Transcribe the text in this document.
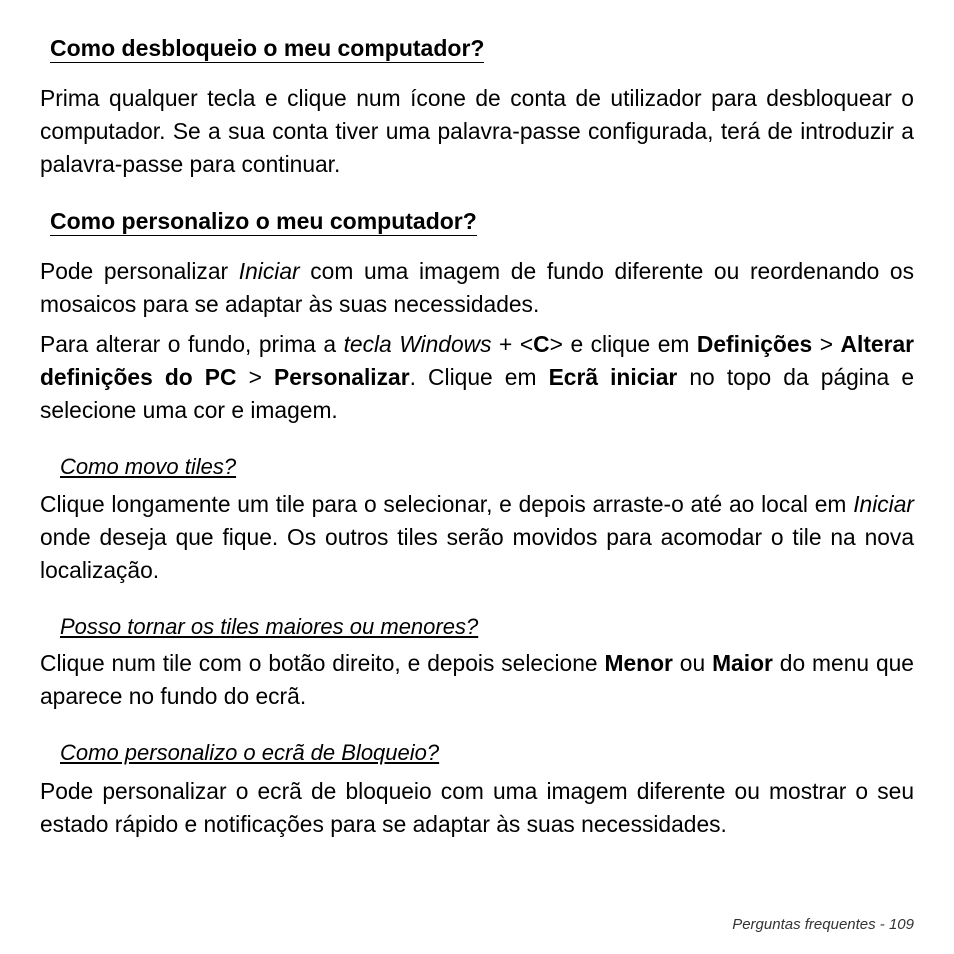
Como desbloqueio o meu computador?
Prima qualquer tecla e clique num ícone de conta de utilizador para desbloquear o computador. Se a sua conta tiver uma palavra-passe configurada, terá de introduzir a palavra-passe para continuar.
Como personalizo o meu computador?
Pode personalizar Iniciar com uma imagem de fundo diferente ou reordenando os mosaicos para se adaptar às suas necessidades.
Para alterar o fundo, prima a tecla Windows + <C> e clique em Definições > Alterar definições do PC > Personalizar. Clique em Ecrã iniciar no topo da página e selecione uma cor e imagem.
Como movo tiles?
Clique longamente um tile para o selecionar, e depois arraste-o até ao local em Iniciar onde deseja que fique. Os outros tiles serão movidos para acomodar o tile na nova localização.
Posso tornar os tiles maiores ou menores?
Clique num tile com o botão direito, e depois selecione Menor ou Maior do menu que aparece no fundo do ecrã.
Como personalizo o ecrã de Bloqueio?
Pode personalizar o ecrã de bloqueio com uma imagem diferente ou mostrar o seu estado rápido e notificações para se adaptar às suas necessidades.
Perguntas frequentes - 109
